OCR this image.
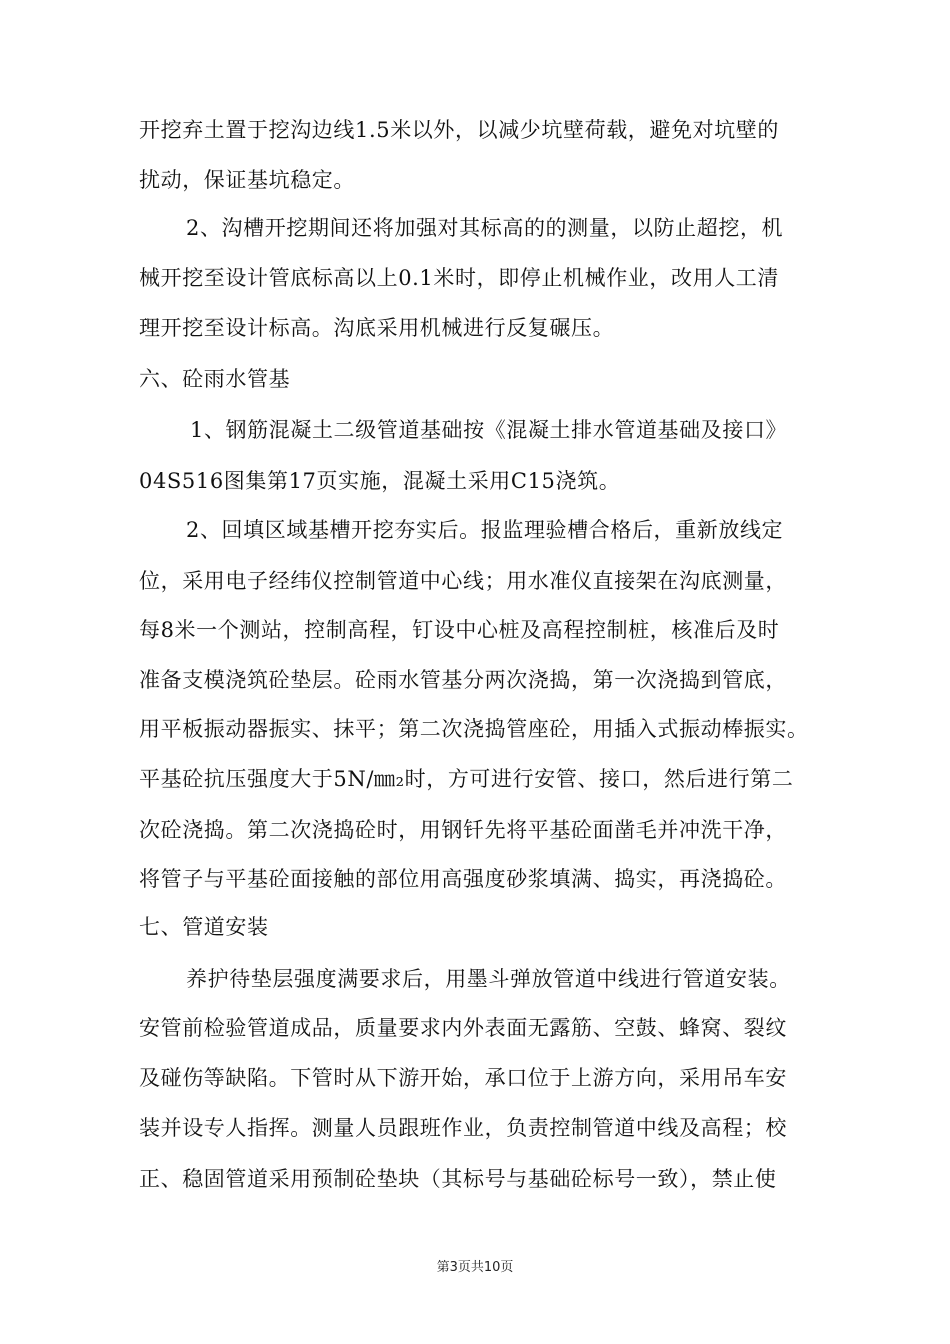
开挖弃土置于挖沟边线1.5米以外，以减少坑壁荷载，避免对坑壁的
扰动，保证基坑稳定。
2、沟槽开挖期间还将加强对其标高的的测量，以防止超挖，机
械开挖至设计管底标高以上0.1米时，即停止机械作业，改用人工清
理开挖至设计标高。沟底采用机械进行反复碾压。
六、砼雨水管基
1、钢筋混凝土二级管道基础按《混凝土排水管道基础及接口》
04S516图集第17页实施，混凝土采用C15浇筑。
2、回填区域基槽开挖夯实后。报监理验槽合格后，重新放线定
位，采用电子经纬仪控制管道中心线；用水准仪直接架在沟底测量，
每8米一个测站，控制高程，钉设中心桩及高程控制桩，核准后及时
准备支模浇筑砼垫层。砼雨水管基分两次浇捣，第一次浇捣到管底，
用平板振动器振实、抹平；第二次浇捣管座砼，用插入式振动棒振实。
平基砼抗压强度大于5N/㎜₂时，方可进行安管、接口，然后进行第二
次砼浇捣。第二次浇捣砼时，用钢钎先将平基砼面凿毛并冲洗干净，
将管子与平基砼面接触的部位用高强度砂浆填满、捣实，再浇捣砼。
七、管道安装
养护待垫层强度满要求后，用墨斗弹放管道中线进行管道安装。
安管前检验管道成品，质量要求内外表面无露筋、空鼓、蜂窝、裂纹
及碰伤等缺陷。下管时从下游开始，承口位于上游方向，采用吊车安
装并设专人指挥。测量人员跟班作业，负责控制管道中线及高程；校
正、稳固管道采用预制砼垫块（其标号与基础砼标号一致），禁止使
第3页共10页
